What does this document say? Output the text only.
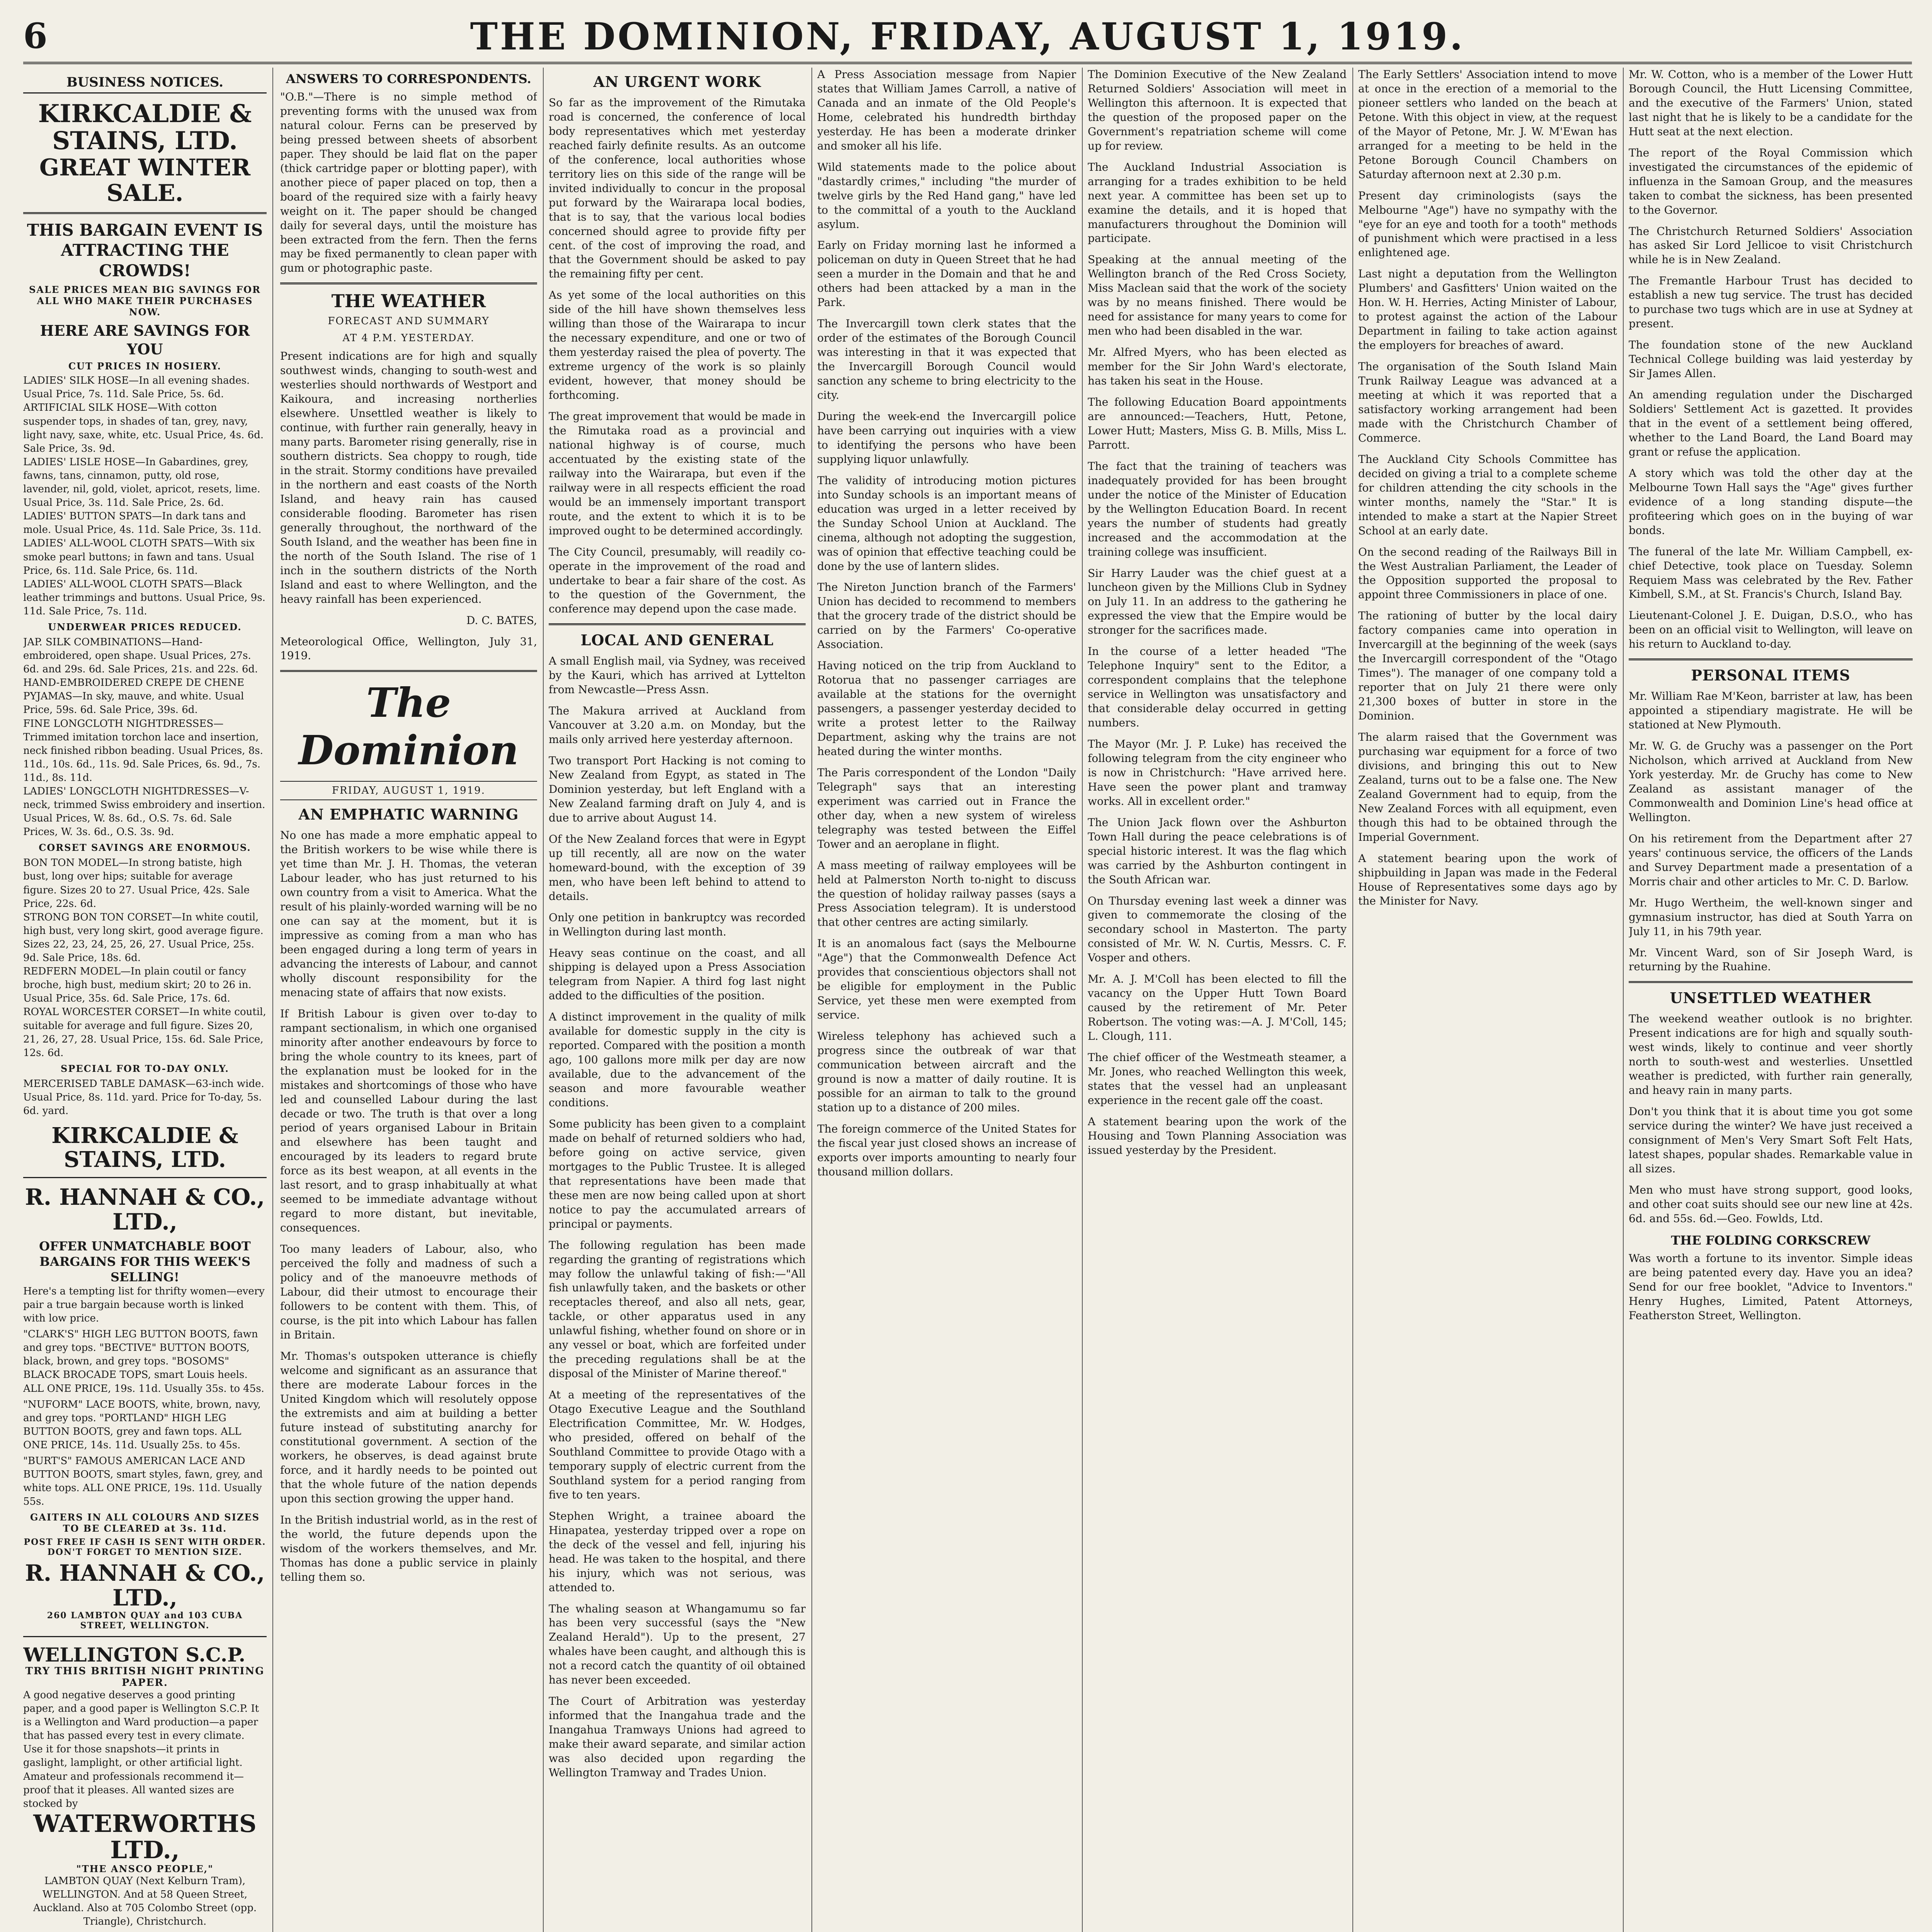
6	THE DOMINION, FRIDAY, AUGUST 1, 1919.
BUSINESS NOTICES.
KIRKCALDIE & STAINS, LTD.
GREAT WINTER SALE.
THIS BARGAIN EVENT IS ATTRACTING THE CROWDS!
SALE PRICES MEAN BIG SAVINGS FOR ALL WHO MAKE THEIR PURCHASES NOW.
HERE ARE SAVINGS FOR YOU
CUT PRICES IN HOSIERY.
LADIES' SILK HOSE—In all evening shades. Usual Price, 7s. 11d. Sale Price, 5s. 6d.
ARTIFICIAL SILK HOSE—With cotton suspender tops, in shades of tan, grey, navy, light navy, saxe, white, etc. Usual Price, 4s. 6d. Sale Price, 3s. 9d.
LADIES' LISLE HOSE—In Gabardines, grey, fawns, tans, cinnamon, putty, old rose, lavender, nil, gold, violet, apricot, resets, lime. Usual Price, 3s. 11d. Sale Price, 2s. 6d.
LADIES' BUTTON SPATS—In dark tans and mole. Usual Price, 4s. 11d. Sale Price, 3s. 11d.
LADIES' ALL-WOOL CLOTH SPATS—With six smoke pearl buttons; in fawn and tans. Usual Price, 6s. 11d. Sale Price, 6s. 11d.
LADIES' ALL-WOOL CLOTH SPATS—Black leather trimmings and buttons. Usual Price, 9s. 11d. Sale Price, 7s. 11d.
UNDERWEAR PRICES REDUCED.
JAP. SILK COMBINATIONS—Hand-embroidered, open shape. Usual Prices, 27s. 6d. and 29s. 6d. Sale Prices, 21s. and 22s. 6d.
HAND-EMBROIDERED CREPE DE CHENE PYJAMAS—In sky, mauve, and white. Usual Price, 59s. 6d. Sale Price, 39s. 6d.
FINE LONGCLOTH NIGHTDRESSES—Trimmed imitation torchon lace and insertion, neck finished ribbon beading. Usual Prices, 8s. 11d., 10s. 6d., 11s. 9d. Sale Prices, 6s. 9d., 7s. 11d., 8s. 11d.
LADIES' LONGCLOTH NIGHTDRESSES—V-neck, trimmed Swiss embroidery and insertion. Usual Prices, W. 8s. 6d., O.S. 7s. 6d. Sale Prices, W. 3s. 6d., O.S. 3s. 9d.
CORSET SAVINGS ARE ENORMOUS.
BON TON MODEL—In strong batiste, high bust, long over hips; suitable for average figure. Sizes 20 to 27. Usual Price, 42s. Sale Price, 22s. 6d.
STRONG BON TON CORSET—In white coutil, high bust, very long skirt, good average figure. Sizes 22, 23, 24, 25, 26, 27. Usual Price, 25s. 9d. Sale Price, 18s. 6d.
REDFERN MODEL—In plain coutil or fancy broche, high bust, medium skirt; 20 to 26 in. Usual Price, 35s. 6d. Sale Price, 17s. 6d.
ROYAL WORCESTER CORSET—In white coutil, suitable for average and full figure. Sizes 20, 21, 26, 27, 28. Usual Price, 15s. 6d. Sale Price, 12s. 6d.
SPECIAL FOR TO-DAY ONLY.
MERCERISED TABLE DAMASK—63-inch wide. Usual Price, 8s. 11d. yard. Price for To-day, 5s. 6d. yard.
KIRKCALDIE & STAINS, LTD.
R. HANNAH & CO., LTD.,
OFFER UNMATCHABLE BOOT BARGAINS FOR THIS WEEK'S SELLING!
Here's a tempting list for thrifty women—every pair a true bargain because worth is linked with low price.
"CLARK'S" HIGH LEG BUTTON BOOTS, fawn and grey tops. "BECTIVE" BUTTON BOOTS, black, brown, and grey tops. "BOSOMS" BLACK BROCADE TOPS, smart Louis heels. ALL ONE PRICE, 19s. 11d. Usually 35s. to 45s.
"NUFORM" LACE BOOTS, white, brown, navy, and grey tops. "PORTLAND" HIGH LEG BUTTON BOOTS, grey and fawn tops. ALL ONE PRICE, 14s. 11d. Usually 25s. to 45s.
"BURT'S" FAMOUS AMERICAN LACE AND BUTTON BOOTS, smart styles, fawn, grey, and white tops. ALL ONE PRICE, 19s. 11d. Usually 55s.
GAITERS IN ALL COLOURS AND SIZES TO BE CLEARED at 3s. 11d.
POST FREE IF CASH IS SENT WITH ORDER. DON'T FORGET TO MENTION SIZE.
R. HANNAH & CO., LTD.,
260 LAMBTON QUAY and 103 CUBA STREET, WELLINGTON.
WELLINGTON S.C.P.
TRY THIS BRITISH NIGHT PRINTING PAPER.
A good negative deserves a good printing paper, and a good paper is Wellington S.C.P. It is a Wellington and Ward production—a paper that has passed every test in every climate. Use it for those snapshots—it prints in gaslight, lamplight, or other artificial light. Amateur and professionals recommend it—proof that it pleases. All wanted sizes are stocked by
WATERWORTHS LTD.,
"THE ANSCO PEOPLE,"
LAMBTON QUAY (Next Kelburn Tram), WELLINGTON. And at 58 Queen Street, Auckland. Also at 705 Colombo Street (opp. Triangle), Christchurch.
ANSWERS TO CORRESPONDENTS.

"O.B."—There is no simple method of preventing forms with the unused wax from natural colour. Ferns can be preserved by being pressed between sheets of absorbent paper. They should be laid flat on the paper (thick cartridge paper or blotting paper), with another piece of paper placed on top, then a board of the required size with a fairly heavy weight on it. The paper should be changed daily for several days, until the moisture has been extracted from the fern. Then the ferns may be fixed permanently to clean paper with gum or photographic paste.

THE WEATHER
FORECAST AND SUMMARY
AT 4 P.M. YESTERDAY.

Present indications are for high and squally southwest winds, changing to south-west and westerlies should northwards of Westport and Kaikoura, and increasing northerlies elsewhere. Unsettled weather is likely to continue, with further rain generally, heavy in many parts. Barometer rising generally, rise in southern districts. Sea choppy to rough, tide in the strait. Stormy conditions have prevailed in the northern and east coasts of the North Island, and heavy rain has caused considerable flooding. Barometer has risen generally throughout, the northward of the South Island, and the weather has been fine in the north of the South Island. The rise of 1 inch in the southern districts of the North Island and east to where Wellington, and the heavy rainfall has been experienced.

D. C. BATES,

Meteorological Office, Wellington, July 31, 1919.

The Dominion
FRIDAY, AUGUST 1, 1919.
AN EMPHATIC WARNING

No one has made a more emphatic appeal to the British workers to be wise while there is yet time than Mr. J. H. Thomas, the veteran Labour leader, who has just returned to his own country from a visit to America. What the result of his plainly-worded warning will be no one can say at the moment, but it is impressive as coming from a man who has been engaged during a long term of years in advancing the interests of Labour, and cannot wholly discount responsibility for the menacing state of affairs that now exists.

If British Labour is given over to-day to rampant sectionalism, in which one organised minority after another endeavours by force to bring the whole country to its knees, part of the explanation must be looked for in the mistakes and shortcomings of those who have led and counselled Labour during the last decade or two. The truth is that over a long period of years organised Labour in Britain and elsewhere has been taught and encouraged by its leaders to regard brute force as its best weapon, at all events in the last resort, and to grasp inhabitually at what seemed to be immediate advantage without regard to more distant, but inevitable, consequences.

Too many leaders of Labour, also, who perceived the folly and madness of such a policy and of the manoeuvre methods of Labour, did their utmost to encourage their followers to be content with them. This, of course, is the pit into which Labour has fallen in Britain.

Mr. Thomas's outspoken utterance is chiefly welcome and significant as an assurance that there are moderate Labour forces in the United Kingdom which will resolutely oppose the extremists and aim at building a better future instead of substituting anarchy for constitutional government. A section of the workers, he observes, is dead against brute force, and it hardly needs to be pointed out that the whole future of the nation depends upon this section growing the upper hand.

In the British industrial world, as in the rest of the world, the future depends upon the wisdom of the workers themselves, and Mr. Thomas has done a public service in plainly telling them so.

AN URGENT WORK

So far as the improvement of the Rimutaka road is concerned, the conference of local body representatives which met yesterday reached fairly definite results. As an outcome of the conference, local authorities whose territory lies on this side of the range will be invited individually to concur in the proposal put forward by the Wairarapa local bodies, that is to say, that the various local bodies concerned should agree to provide fifty per cent. of the cost of improving the road, and that the Government should be asked to pay the remaining fifty per cent.

As yet some of the local authorities on this side of the hill have shown themselves less willing than those of the Wairarapa to incur the necessary expenditure, and one or two of them yesterday raised the plea of poverty. The extreme urgency of the work is so plainly evident, however, that money should be forthcoming.

The great improvement that would be made in the Rimutaka road as a provincial and national highway is of course, much accentuated by the existing state of the railway into the Wairarapa, but even if the railway were in all respects efficient the road would be an immensely important transport route, and the extent to which it is to be improved ought to be determined accordingly.

The City Council, presumably, will readily co-operate in the improvement of the road and undertake to bear a fair share of the cost. As to the question of the Government, the conference may depend upon the case made.

LOCAL AND GENERAL

A small English mail, via Sydney, was received by the Kauri, which has arrived at Lyttelton from Newcastle—Press Assn.

The Makura arrived at Auckland from Vancouver at 3.20 a.m. on Monday, but the mails only arrived here yesterday afternoon.

Two transport Port Hacking is not coming to New Zealand from Egypt, as stated in The Dominion yesterday, but left England with a New Zealand farming draft on July 4, and is due to arrive about August 14.

Of the New Zealand forces that were in Egypt up till recently, all are now on the water homeward-bound, with the exception of 39 men, who have been left behind to attend to details.

Only one petition in bankruptcy was recorded in Wellington during last month.

Heavy seas continue on the coast, and all shipping is delayed upon a Press Association telegram from Napier. A third fog last night added to the difficulties of the position.

A distinct improvement in the quality of milk available for domestic supply in the city is reported. Compared with the position a month ago, 100 gallons more milk per day are now available, due to the advancement of the season and more favourable weather conditions.

Some publicity has been given to a complaint made on behalf of returned soldiers who had, before going on active service, given mortgages to the Public Trustee. It is alleged that representations have been made that these men are now being called upon at short notice to pay the accumulated arrears of principal or payments.

The following regulation has been made regarding the granting of registrations which may follow the unlawful taking of fish:—"All fish unlawfully taken, and the baskets or other receptacles thereof, and also all nets, gear, tackle, or other apparatus used in any unlawful fishing, whether found on shore or in any vessel or boat, which are forfeited under the preceding regulations shall be at the disposal of the Minister of Marine thereof."

At a meeting of the representatives of the Otago Executive League and the Southland Electrification Committee, Mr. W. Hodges, who presided, offered on behalf of the Southland Committee to provide Otago with a temporary supply of electric current from the Southland system for a period ranging from five to ten years.

Stephen Wright, a trainee aboard the Hinapatea, yesterday tripped over a rope on the deck of the vessel and fell, injuring his head. He was taken to the hospital, and there his injury, which was not serious, was attended to.

The whaling season at Whangamumu so far has been very successful (says the "New Zealand Herald"). Up to the present, 27 whales have been caught, and although this is not a record catch the quantity of oil obtained has never been exceeded.

The Court of Arbitration was yesterday informed that the Inangahua trade and the Inangahua Tramways Unions had agreed to make their award separate, and similar action was also decided upon regarding the Wellington Tramway and Trades Union.

A Press Association message from Napier states that William James Carroll, a native of Canada and an inmate of the Old People's Home, celebrated his hundredth birthday yesterday. He has been a moderate drinker and smoker all his life.

Wild statements made to the police about "dastardly crimes," including "the murder of twelve girls by the Red Hand gang," have led to the committal of a youth to the Auckland asylum.

Early on Friday morning last he informed a policeman on duty in Queen Street that he had seen a murder in the Domain and that he and others had been attacked by a man in the Park.

The Invercargill town clerk states that the order of the estimates of the Borough Council was interesting in that it was expected that the Invercargill Borough Council would sanction any scheme to bring electricity to the city.

During the week-end the Invercargill police have been carrying out inquiries with a view to identifying the persons who have been supplying liquor unlawfully.

The validity of introducing motion pictures into Sunday schools is an important means of education was urged in a letter received by the Sunday School Union at Auckland. The cinema, although not adopting the suggestion, was of opinion that effective teaching could be done by the use of lantern slides.

The Nireton Junction branch of the Farmers' Union has decided to recommend to members that the grocery trade of the district should be carried on by the Farmers' Co-operative Association.

Having noticed on the trip from Auckland to Rotorua that no passenger carriages are available at the stations for the overnight passengers, a passenger yesterday decided to write a protest letter to the Railway Department, asking why the trains are not heated during the winter months.

The Paris correspondent of the London "Daily Telegraph" says that an interesting experiment was carried out in France the other day, when a new system of wireless telegraphy was tested between the Eiffel Tower and an aeroplane in flight.

A mass meeting of railway employees will be held at Palmerston North to-night to discuss the question of holiday railway passes (says a Press Association telegram). It is understood that other centres are acting similarly.

It is an anomalous fact (says the Melbourne "Age") that the Commonwealth Defence Act provides that conscientious objectors shall not be eligible for employment in the Public Service, yet these men were exempted from service.

Wireless telephony has achieved such a progress since the outbreak of war that communication between aircraft and the ground is now a matter of daily routine. It is possible for an airman to talk to the ground station up to a distance of 200 miles.

The foreign commerce of the United States for the fiscal year just closed shows an increase of exports over imports amounting to nearly four thousand million dollars.

The Dominion Executive of the New Zealand Returned Soldiers' Association will meet in Wellington this afternoon. It is expected that the question of the proposed paper on the Government's repatriation scheme will come up for review.

The Auckland Industrial Association is arranging for a trades exhibition to be held next year. A committee has been set up to examine the details, and it is hoped that manufacturers throughout the Dominion will participate.

Speaking at the annual meeting of the Wellington branch of the Red Cross Society, Miss Maclean said that the work of the society was by no means finished. There would be need for assistance for many years to come for men who had been disabled in the war.

Mr. Alfred Myers, who has been elected as member for the Sir John Ward's electorate, has taken his seat in the House.

The following Education Board appointments are announced:—Teachers, Hutt, Petone, Lower Hutt; Masters, Miss G. B. Mills, Miss L. Parrott.

The fact that the training of teachers was inadequately provided for has been brought under the notice of the Minister of Education by the Wellington Education Board. In recent years the number of students had greatly increased and the accommodation at the training college was insufficient.

Sir Harry Lauder was the chief guest at a luncheon given by the Millions Club in Sydney on July 11. In an address to the gathering he expressed the view that the Empire would be stronger for the sacrifices made.

In the course of a letter headed "The Telephone Inquiry" sent to the Editor, a correspondent complains that the telephone service in Wellington was unsatisfactory and that considerable delay occurred in getting numbers.

The Mayor (Mr. J. P. Luke) has received the following telegram from the city engineer who is now in Christchurch: "Have arrived here. Have seen the power plant and tramway works. All in excellent order."

The Union Jack flown over the Ashburton Town Hall during the peace celebrations is of special historic interest. It was the flag which was carried by the Ashburton contingent in the South African war.

On Thursday evening last week a dinner was given to commemorate the closing of the secondary school in Masterton. The party consisted of Mr. W. N. Curtis, Messrs. C. F. Vosper and others.

Mr. A. J. M'Coll has been elected to fill the vacancy on the Upper Hutt Town Board caused by the retirement of Mr. Peter Robertson. The voting was:—A. J. M'Coll, 145; L. Clough, 111.

The chief officer of the Westmeath steamer, a Mr. Jones, who reached Wellington this week, states that the vessel had an unpleasant experience in the recent gale off the coast.

A statement bearing upon the work of the Housing and Town Planning Association was issued yesterday by the President.

The Early Settlers' Association intend to move at once in the erection of a memorial to the pioneer settlers who landed on the beach at Petone. With this object in view, at the request of the Mayor of Petone, Mr. J. W. M'Ewan has arranged for a meeting to be held in the Petone Borough Council Chambers on Saturday afternoon next at 2.30 p.m.

Present day criminologists (says the Melbourne "Age") have no sympathy with the "eye for an eye and tooth for a tooth" methods of punishment which were practised in a less enlightened age.

Last night a deputation from the Wellington Plumbers' and Gasfitters' Union waited on the Hon. W. H. Herries, Acting Minister of Labour, to protest against the action of the Labour Department in failing to take action against the employers for breaches of award.

The organisation of the South Island Main Trunk Railway League was advanced at a meeting at which it was reported that a satisfactory working arrangement had been made with the Christchurch Chamber of Commerce.

The Auckland City Schools Committee has decided on giving a trial to a complete scheme for children attending the city schools in the winter months, namely the "Star." It is intended to make a start at the Napier Street School at an early date.

On the second reading of the Railways Bill in the West Australian Parliament, the Leader of the Opposition supported the proposal to appoint three Commissioners in place of one.

The rationing of butter by the local dairy factory companies came into operation in Invercargill at the beginning of the week (says the Invercargill correspondent of the "Otago Times"). The manager of one company told a reporter that on July 21 there were only 21,300 boxes of butter in store in the Dominion.

The alarm raised that the Government was purchasing war equipment for a force of two divisions, and bringing this out to New Zealand, turns out to be a false one. The New Zealand Government had to equip, from the New Zealand Forces with all equipment, even though this had to be obtained through the Imperial Government.

A statement bearing upon the work of shipbuilding in Japan was made in the Federal House of Representatives some days ago by the Minister for Navy.

Mr. W. Cotton, who is a member of the Lower Hutt Borough Council, the Hutt Licensing Committee, and the executive of the Farmers' Union, stated last night that he is likely to be a candidate for the Hutt seat at the next election.

The report of the Royal Commission which investigated the circumstances of the epidemic of influenza in the Samoan Group, and the measures taken to combat the sickness, has been presented to the Governor.

The Christchurch Returned Soldiers' Association has asked Sir Lord Jellicoe to visit Christchurch while he is in New Zealand.

The Fremantle Harbour Trust has decided to establish a new tug service. The trust has decided to purchase two tugs which are in use at Sydney at present.

The foundation stone of the new Auckland Technical College building was laid yesterday by Sir James Allen.

An amending regulation under the Discharged Soldiers' Settlement Act is gazetted. It provides that in the event of a settlement being offered, whether to the Land Board, the Land Board may grant or refuse the application.

A story which was told the other day at the Melbourne Town Hall says the "Age" gives further evidence of a long standing dispute—the profiteering which goes on in the buying of war bonds.

The funeral of the late Mr. William Campbell, ex-chief Detective, took place on Tuesday. Solemn Requiem Mass was celebrated by the Rev. Father Kimbell, S.M., at St. Francis's Church, Island Bay.

Lieutenant-Colonel J. E. Duigan, D.S.O., who has been on an official visit to Wellington, will leave on his return to Auckland to-day.

PERSONAL ITEMS

Mr. William Rae M'Keon, barrister at law, has been appointed a stipendiary magistrate. He will be stationed at New Plymouth.

Mr. W. G. de Gruchy was a passenger on the Port Nicholson, which arrived at Auckland from New York yesterday. Mr. de Gruchy has come to New Zealand as assistant manager of the Commonwealth and Dominion Line's head office at Wellington.

On his retirement from the Department after 27 years' continuous service, the officers of the Lands and Survey Department made a presentation of a Morris chair and other articles to Mr. C. D. Barlow.

Mr. Hugo Wertheim, the well-known singer and gymnasium instructor, has died at South Yarra on July 11, in his 79th year.

Mr. Vincent Ward, son of Sir Joseph Ward, is returning by the Ruahine.

UNSETTLED WEATHER

The weekend weather outlook is no brighter. Present indications are for high and squally south-west winds, likely to continue and veer shortly north to south-west and westerlies. Unsettled weather is predicted, with further rain generally, and heavy rain in many parts.

Don't you think that it is about time you got some service during the winter? We have just received a consignment of Men's Very Smart Soft Felt Hats, latest shapes, popular shades. Remarkable value in all sizes.

Men who must have strong support, good looks, and other coat suits should see our new line at 42s. 6d. and 55s. 6d.—Geo. Fowlds, Ltd.

THE FOLDING CORKSCREW

Was worth a fortune to its inventor. Simple ideas are being patented every day. Have you an idea? Send for our free booklet, "Advice to Inventors." Henry Hughes, Limited, Patent Attorneys, Featherston Street, Wellington.
